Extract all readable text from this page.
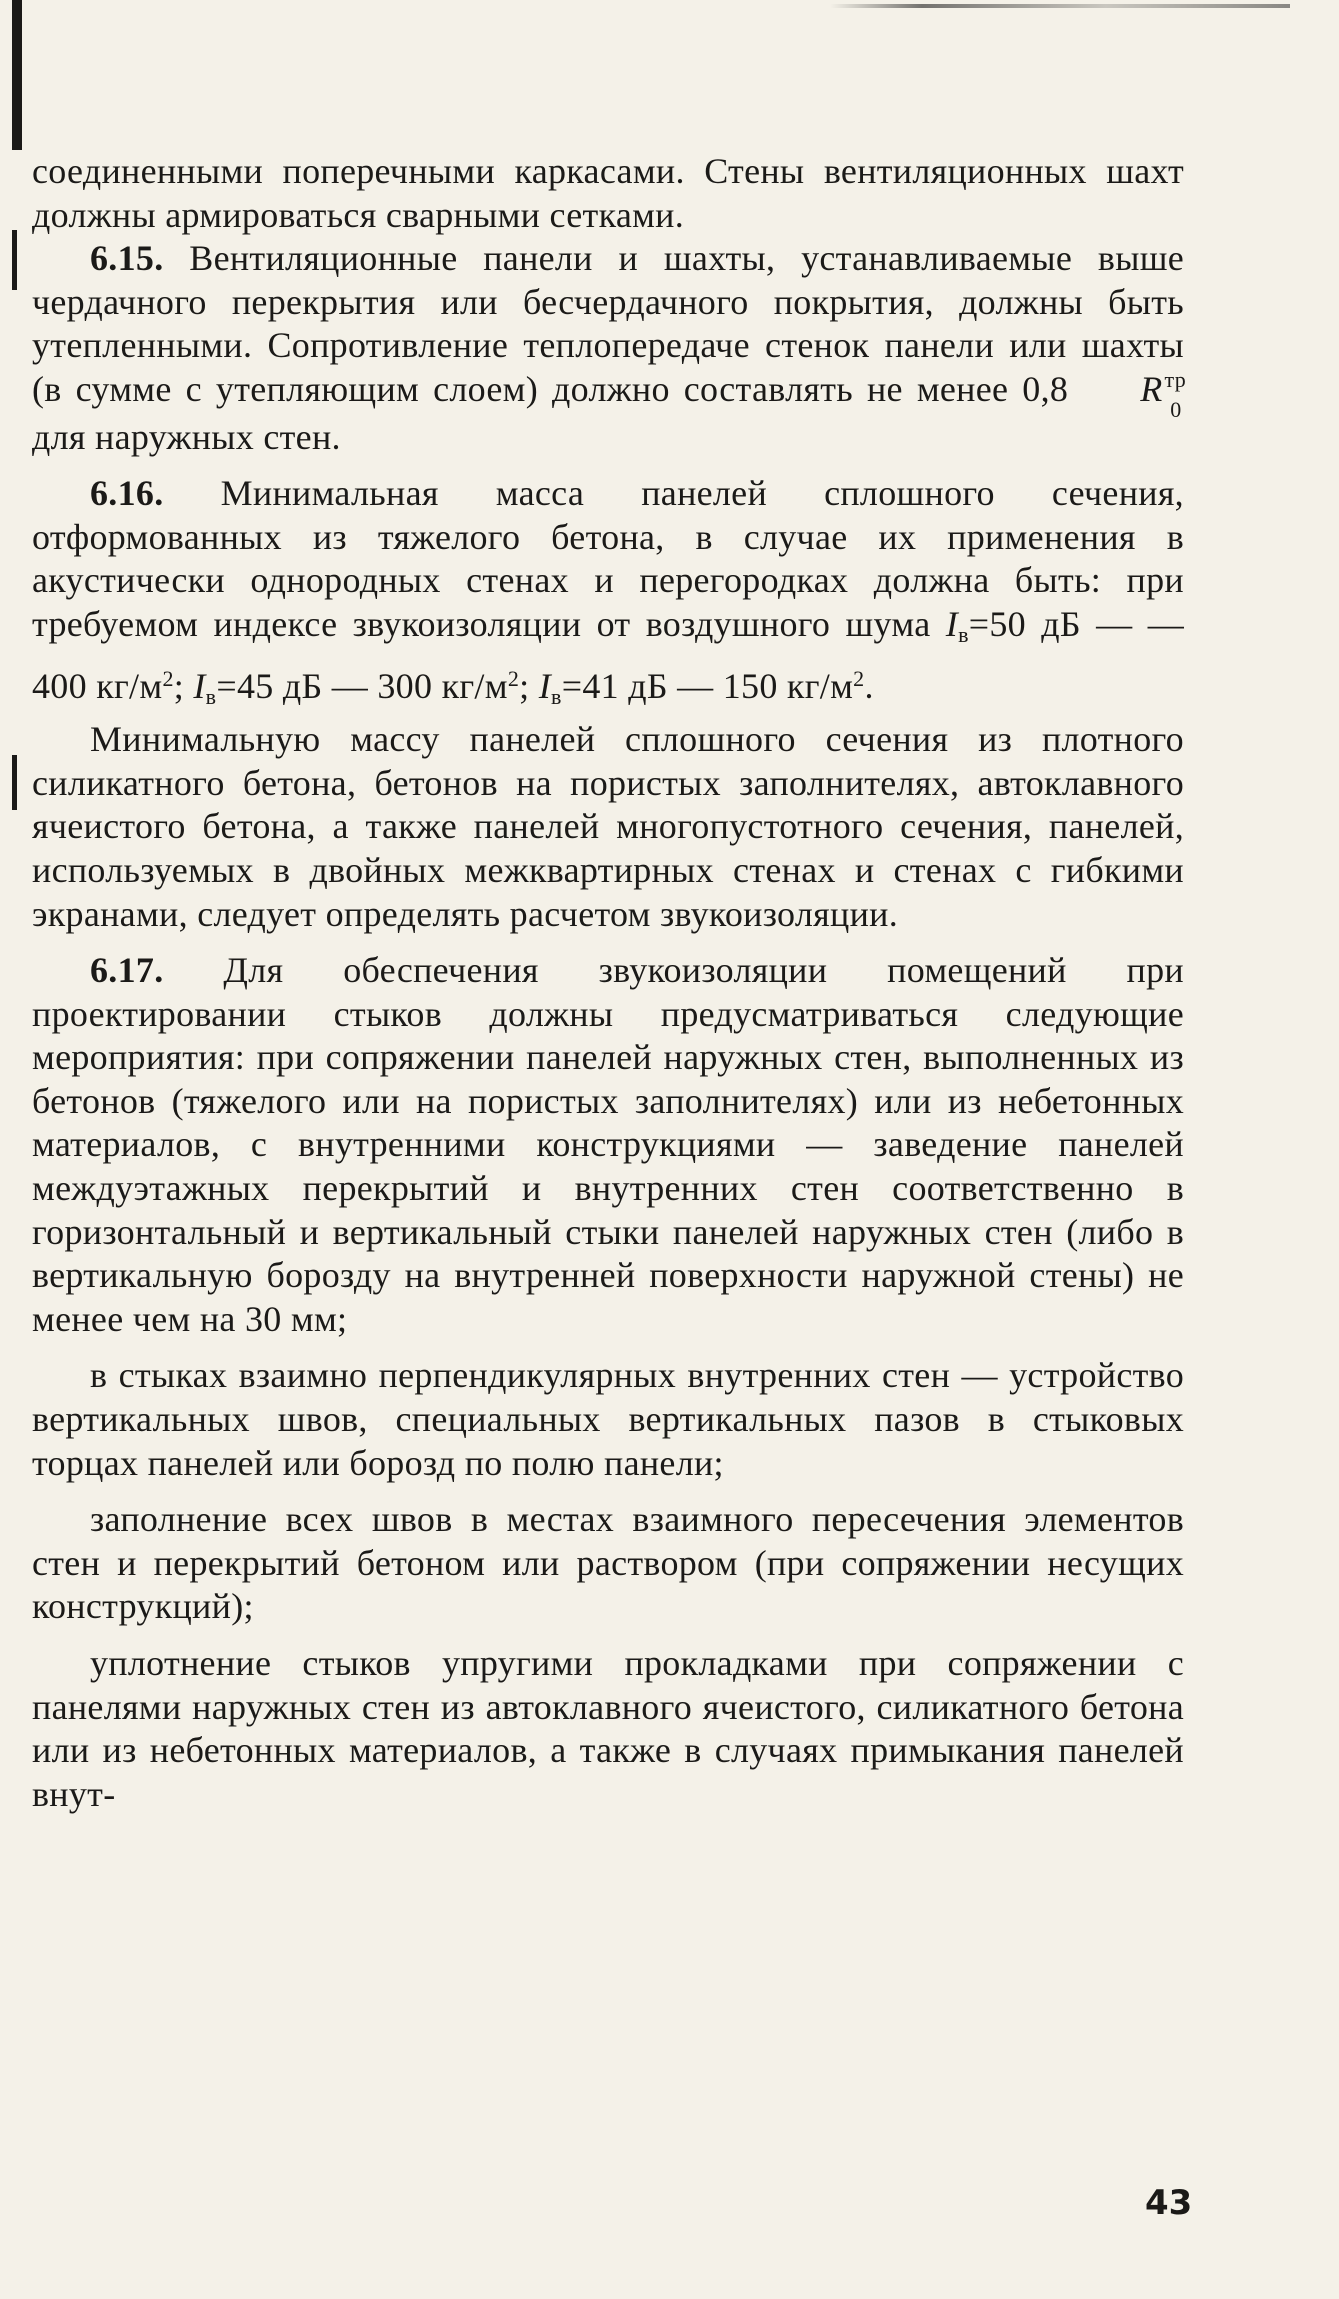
соединенными поперечными каркасами. Стены вентиляционных шахт должны армироваться сварными сетками.

6.15. Вентиляционные панели и шахты, устанавливаемые выше чердачного перекрытия или бесчердачного покрытия, должны быть утепленными. Сопротивление теплопередаче стенок панели или шахты (в сумме с утепляющим слоем) должно составлять не менее 0,8 $R^{тр}$
0
для наружных стен.

6.16. Минимальная масса панелей сплошного сечения, отформованных из тяжелого бетона, в случае их применения в акустически однородных стенах и перегородках должна быть: при требуемом индексе звукоизоляции от воздушного шума $I_в=50$ дБ — —400 $кг/м^2$; $I_в=45$ дБ — 300 $кг/м^2$; $I_в=41$ дБ — 150 $кг/м^2$.

Минимальную массу панелей сплошного сечения из плотного силикатного бетона, бетонов на пористых заполнителях, автоклавного ячеистого бетона, а также панелей многопустотного сечения, панелей, используемых в двойных межквартирных стенах и стенах с гибкими экранами, следует определять расчетом звукоизоляции.

6.17. Для обеспечения звукоизоляции помещений при проектировании стыков должны предусматриваться следующие мероприятия: при сопряжении панелей наружных стен, выполненных из бетонов (тяжелого или на пористых заполнителях) или из небетонных материалов, с внутренними конструкциями — заведение панелей междуэтажных перекрытий и внутренних стен соответственно в горизонтальный и вертикальный стыки панелей наружных стен (либо в вертикальную борозду на внутренней поверхности наружной стены) не менее чем на 30 мм;

в стыках взаимно перпендикулярных внутренних стен — устройство вертикальных швов, специальных вертикальных пазов в стыковых торцах панелей или борозд по полю панели;

заполнение всех швов в местах взаимного пересечения элементов стен и перекрытий бетоном или раствором (при сопряжении несущих конструкций);

уплотнение стыков упругими прокладками при сопряжении с панелями наружных стен из автоклавного ячеистого, силикатного бетона или из небетонных материалов, а также в случаях примыкания панелей внут-

43
